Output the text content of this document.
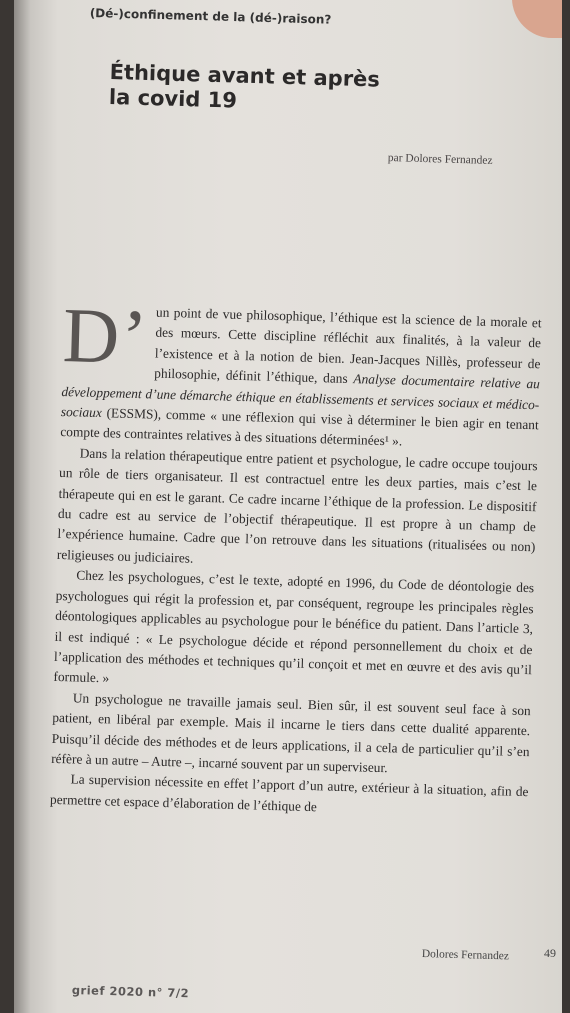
(Dé-)confinement de la (dé-)raison?
Éthique avant et après
la covid 19
par Dolores Fernandez

D’ un point de vue philosophique, l’éthique est la science de la morale et des mœurs. Cette discipline réfléchit aux finalités, à la valeur de l’existence et à la notion de bien. Jean-Jacques Nillès, professeur de philosophie, définit l’éthique, dans Analyse documentaire relative au développement d’une démarche éthique en établissements et services sociaux et médico-sociaux (ESSMS), comme « une réflexion qui vise à déterminer le bien agir en tenant compte des contraintes relatives à des situations déterminées¹ ».

Dans la relation thérapeutique entre patient et psychologue, le cadre occupe toujours un rôle de tiers organisateur. Il est contractuel entre les deux parties, mais c’est le thérapeute qui en est le garant. Ce cadre incarne l’éthique de la profession. Le dispositif du cadre est au service de l’objectif thérapeutique. Il est propre à un champ de l’expérience humaine. Cadre que l’on retrouve dans les situations (ritualisées ou non) religieuses ou judiciaires.

Chez les psychologues, c’est le texte, adopté en 1996, du Code de déontologie des psychologues qui régit la profession et, par conséquent, regroupe les principales règles déontologiques applicables au psychologue pour le bénéfice du patient. Dans l’article 3, il est indiqué : « Le psychologue décide et répond personnellement du choix et de l’application des méthodes et techniques qu’il conçoit et met en œuvre et des avis qu’il formule. »

Un psychologue ne travaille jamais seul. Bien sûr, il est souvent seul face à son patient, en libéral par exemple. Mais il incarne le tiers dans cette dualité apparente. Puisqu’il décide des méthodes et de leurs applications, il a cela de particulier qu’il s’en réfère à un autre – Autre –, incarné souvent par un superviseur.

La supervision nécessite en effet l’apport d’un autre, extérieur à la situation, afin de permettre cet espace d’élaboration de l’éthique de

Dolores Fernandez	49
grief 2020 n° 7/2
